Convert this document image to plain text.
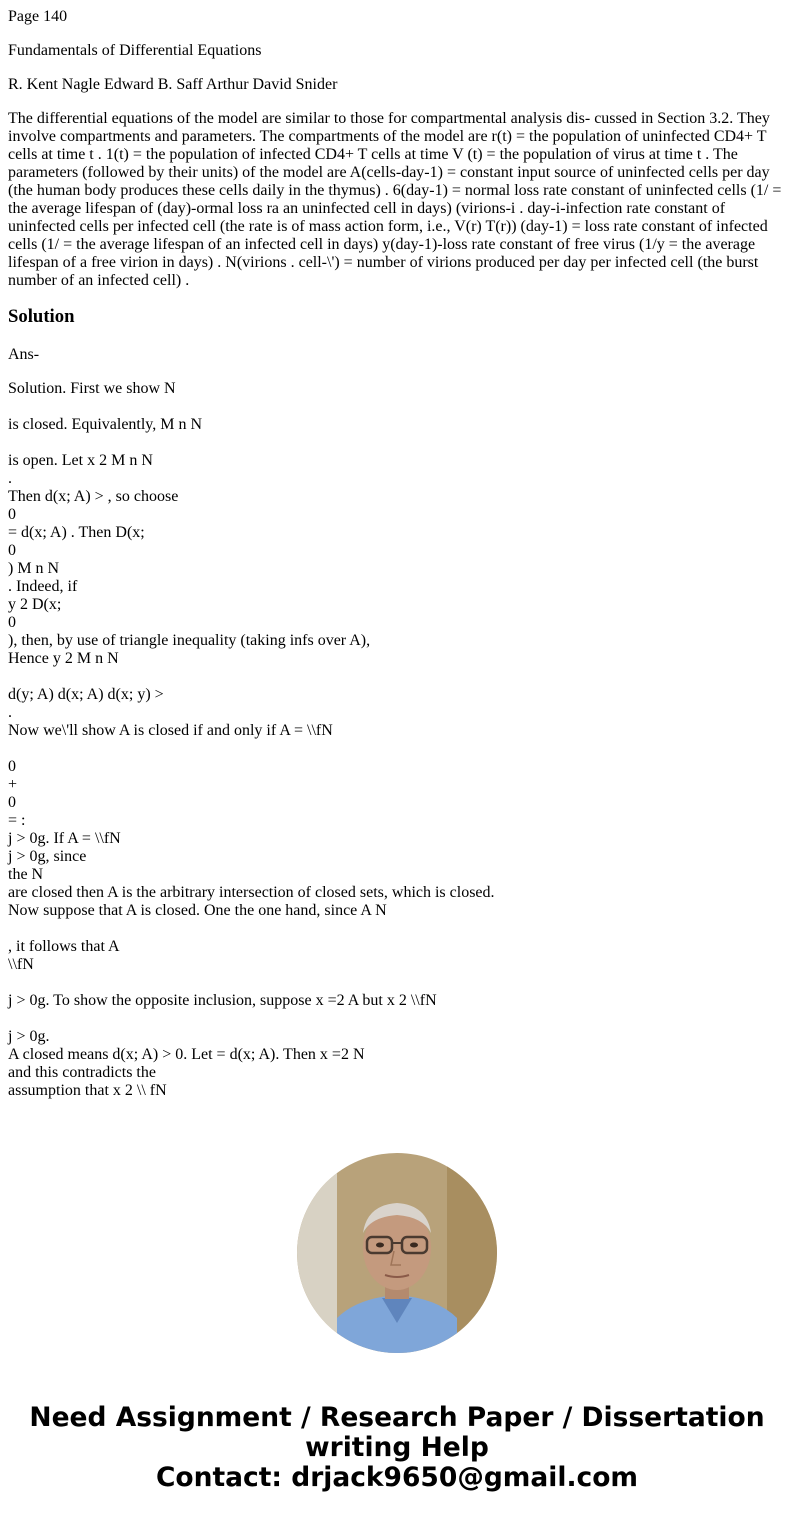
Page 140

Fundamentals of Differential Equations

R. Kent Nagle Edward B. Saff Arthur David Snider

The differential equations of the model are similar to those for compartmental analysis dis- cussed in Section 3.2. They involve compartments and parameters. The compartments of the model are r(t) = the population of uninfected CD4+ T cells at time t . 1(t) = the population of infected CD4+ T cells at time V (t) = the population of virus at time t . The parameters (followed by their units) of the model are A(cells-day-1) = constant input source of uninfected cells per day (the human body produces these cells daily in the thymus) . 6(day-1) = normal loss rate constant of uninfected cells (1/ = the average lifespan of (day)-ormal loss ra an uninfected cell in days) (virions-i . day-i-infection rate constant of uninfected cells per infected cell (the rate is of mass action form, i.e., V(r) T(r)) (day-1) = loss rate constant of infected cells (1/ = the average lifespan of an infected cell in days) y(day-1)-loss rate constant of free virus (1/y = the average lifespan of a free virion in days) . N(virions . cell-\') = number of virions produced per day per infected cell (the burst number of an infected cell) .

Solution

Ans-

Solution. First we show N
is closed. Equivalently, M n N
is open. Let x 2 M n N
.
Then d(x; A) > , so choose
0
= d(x; A) . Then D(x;
0
) M n N
. Indeed, if
y 2 D(x;
0
), then, by use of triangle inequality (taking infs over A),
Hence y 2 M n N
d(y; A) d(x; A) d(x; y) >
.
Now we\'ll show A is closed if and only if A = \\fN
0
+
0
= :
j > 0g. If A = \\fN
j > 0g, since
the N
are closed then A is the arbitrary intersection of closed sets, which is closed.
Now suppose that A is closed. One the one hand, since A N
, it follows that A
\\fN
j > 0g. To show the opposite inclusion, suppose x =2 A but x 2 \\fN
j > 0g.
A closed means d(x; A) > 0. Let = d(x; A). Then x =2 N
and this contradicts the
assumption that x 2 \\ fN
Need Assignment / Research Paper / Dissertation
writing Help
Contact: drjack9650@gmail.com
